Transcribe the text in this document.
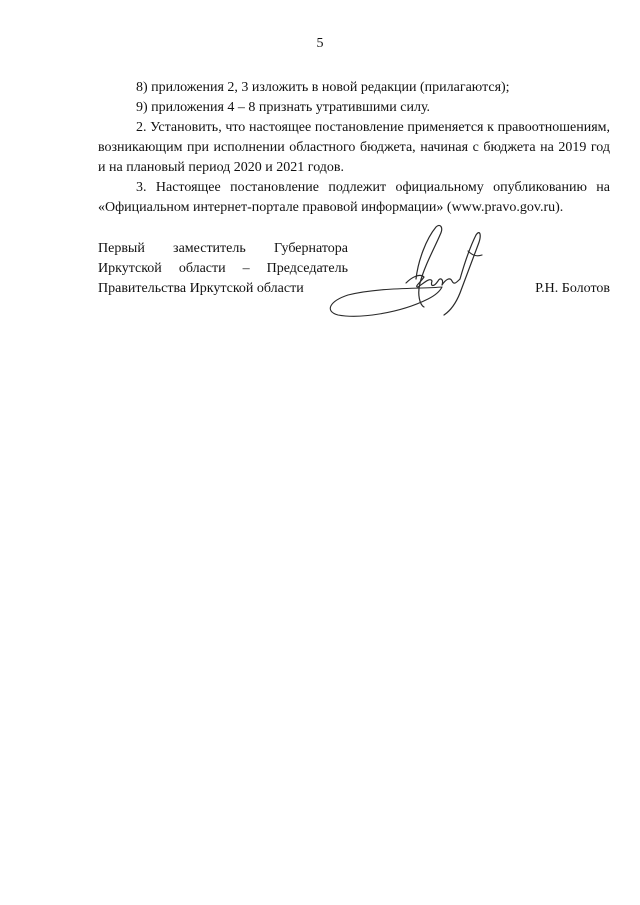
5

8) приложения 2, 3 изложить в новой редакции (прилагаются);

9) приложения 4 – 8 признать утратившими силу.

2. Установить, что настоящее постановление применяется к правоотношениям, возникающим при исполнении областного бюджета, начиная с бюджета на 2019 год и на плановый период 2020 и 2021 годов.

3. Настоящее постановление подлежит официальному опубликованию на «Официальном интернет-портале правовой информации» (www.pravo.gov.ru).

Первый заместитель Губернатора
Иркутской области – Председатель
Правительства Иркутской области	Р.Н. Болотов
